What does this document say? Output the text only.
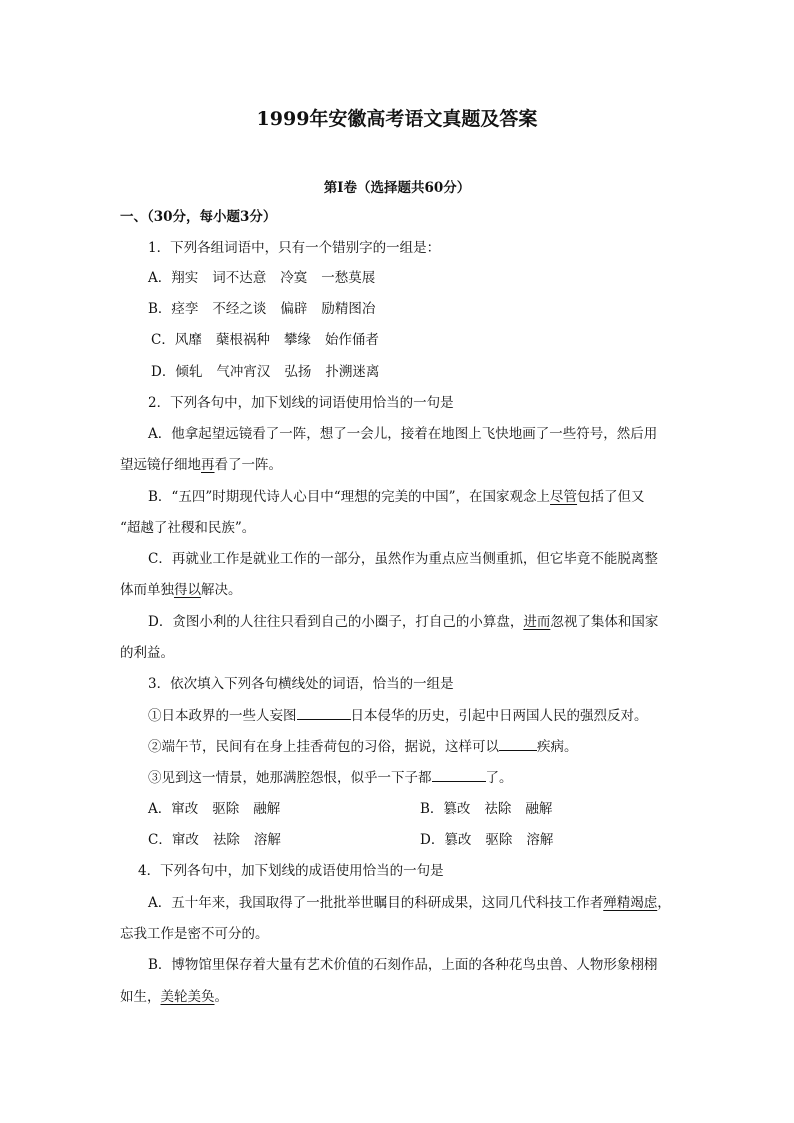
1999年安徽高考语文真题及答案
第Ⅰ卷（选择题共60分）
一、（30分，每小题3分）
1．下列各组词语中，只有一个错别字的一组是：
A．翔实 词不达意 冷寞 一愁莫展
B．痉孪 不经之谈 偏辟 励精图冶
C．风靡 蘖根祸种 攀缘 始作俑者
D．倾轧 气冲宵汉 弘扬 扑溯迷离
2．下列各句中，加下划线的词语使用恰当的一句是
A．他拿起望远镜看了一阵，想了一会儿，接着在地图上飞快地画了一些符号，然后用
望远镜仔细地再看了一阵。
B．“五四”时期现代诗人心目中“理想的完美的中国”，在国家观念上尽管包括了但又
“超越了社稷和民族”。
C．再就业工作是就业工作的一部分，虽然作为重点应当侧重抓，但它毕竟不能脱离整
体而单独得以解决。
D．贪图小利的人往往只看到自己的小圈子，打自己的小算盘，进而忽视了集体和国家
的利益。
3．依次填入下列各句横线处的词语，恰当的一组是
①日本政界的一些人妄图	日本侵华的历史，引起中日两国人民的强烈反对。
②端午节，民间有在身上挂香荷包的习俗，据说，这样可以	疾病。
③见到这一情景，她那满腔怨恨，似乎一下子都	了。
A．窜改 驱除 融解	B．篡改 祛除 融解
C．窜改 祛除 溶解	D．篡改 驱除 溶解
4．下列各句中，加下划线的成语使用恰当的一句是
A．五十年来，我国取得了一批批举世瞩目的科研成果，这同几代科技工作者殚精竭虑，
忘我工作是密不可分的。
B．博物馆里保存着大量有艺术价值的石刻作品，上面的各种花鸟虫兽、人物形象栩栩
如生，美轮美奂。
